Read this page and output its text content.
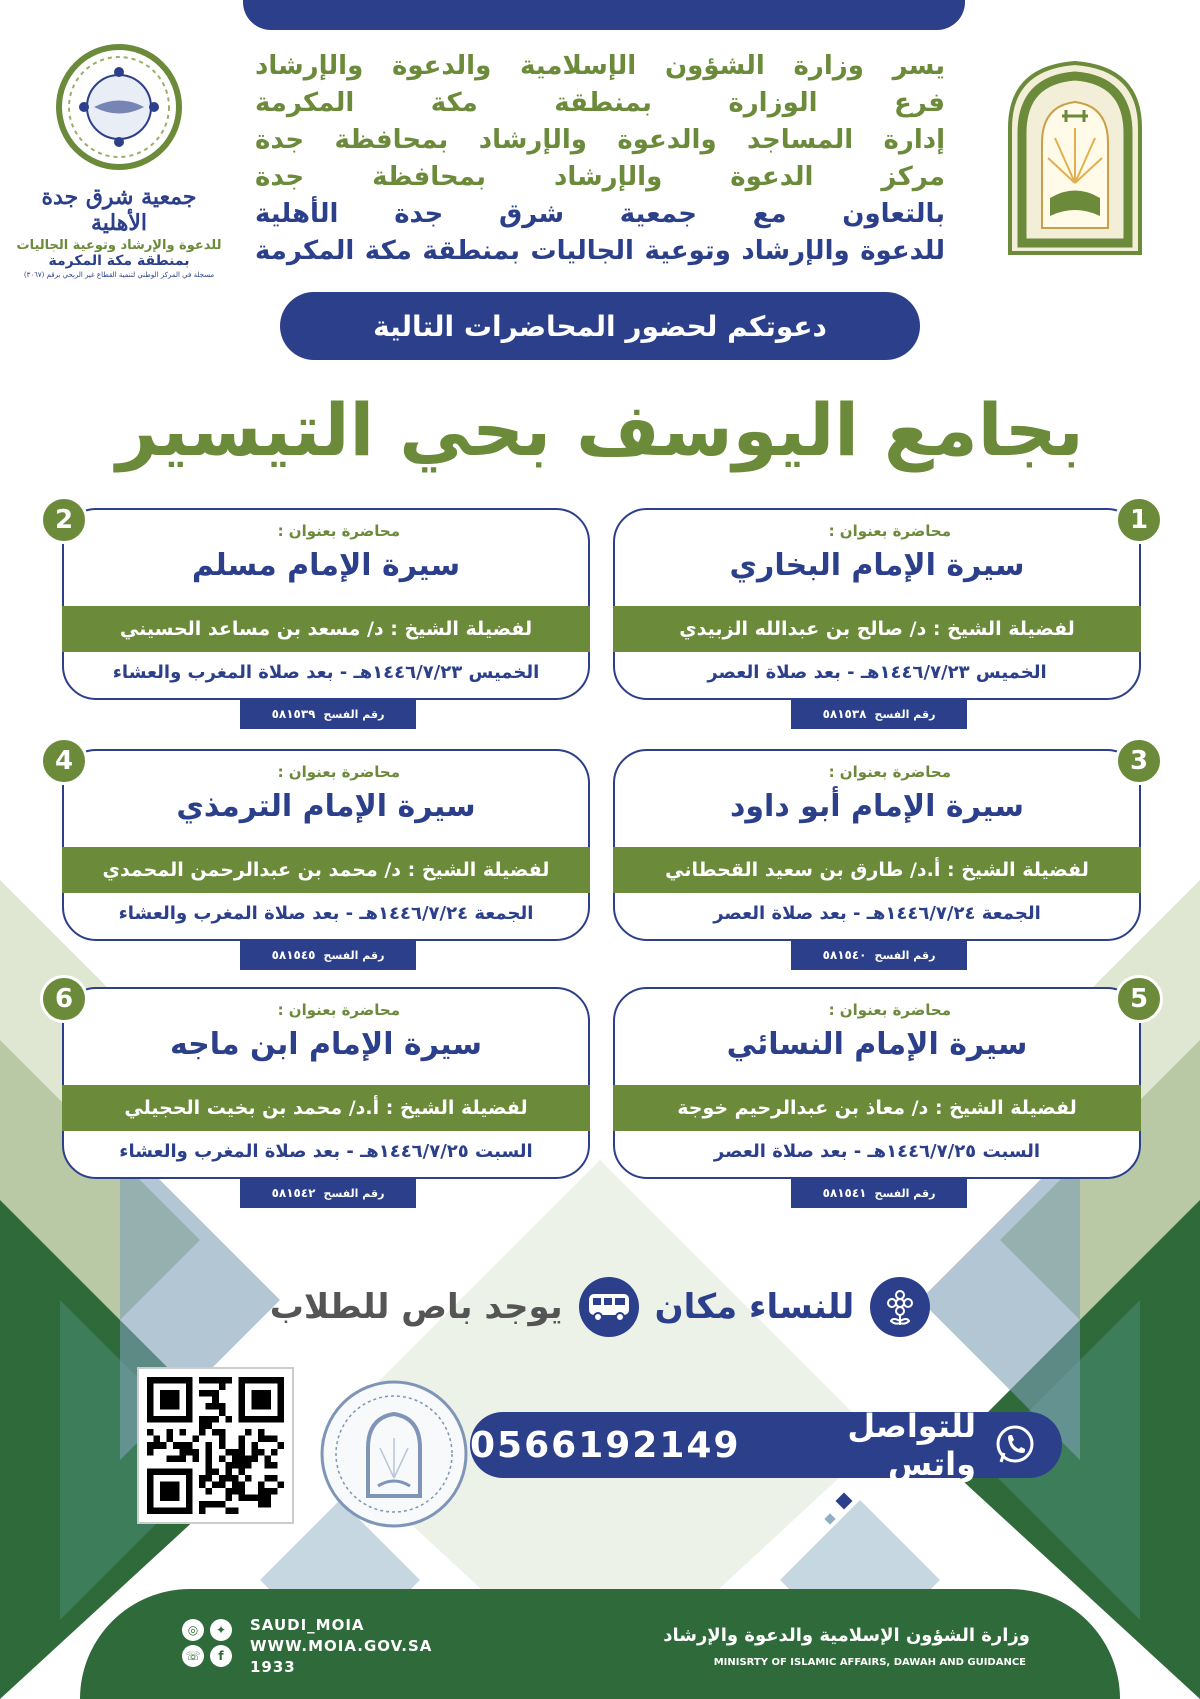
جمعية شرق جدة الأهلية
للدعوة والإرشاد وتوعية الجاليات
بمنطقة مكة المكرمة
مسجلة في المركز الوطني لتنمية القطاع غير الربحي برقم (٣٠٦٧)
يسر وزارة الشؤون الإسلامية والدعوة والإرشاد
فرع الوزارة بمنطقة مكة المكرمة
إدارة المساجد والدعوة والإرشاد بمحافظة جدة
مركز الدعوة والإرشاد بمحافظة جدة
بالتعاون مع جمعية شرق جدة الأهلية
للدعوة والإرشاد وتوعية الجاليات بمنطقة مكة المكرمة
دعوتكم لحضور المحاضرات التالية
بجامع اليوسف بحي التيسير
1
محاضرة بعنوان :
سيرة الإمام البخاري
لفضيلة الشيخ : د/ صالح بن عبدالله الزبيدي
الخميس ١٤٤٦/٧/٢٣هـ - بعد صلاة العصر
رقم الفسح
٥٨١٥٣٨
2	محاضرة بعنوان :
سيرة الإمام مسلم
لفضيلة الشيخ : د/ مسعد بن مساعد الحسيني
الخميس ١٤٤٦/٧/٢٣هـ - بعد صلاة المغرب والعشاء
رقم الفسح
٥٨١٥٣٩
3
محاضرة بعنوان :
سيرة الإمام أبو داود
لفضيلة الشيخ : أ.د/ طارق بن سعيد القحطاني
الجمعة ١٤٤٦/٧/٢٤هـ - بعد صلاة العصر
رقم الفسح
٥٨١٥٤٠
4	محاضرة بعنوان :
سيرة الإمام الترمذي
لفضيلة الشيخ : د/ محمد بن عبدالرحمن المحمدي
الجمعة ١٤٤٦/٧/٢٤هـ - بعد صلاة المغرب والعشاء
رقم الفسح
٥٨١٥٤٥
5
محاضرة بعنوان :
سيرة الإمام النسائي
لفضيلة الشيخ : د/ معاذ بن عبدالرحيم خوجة
السبت ١٤٤٦/٧/٢٥هـ - بعد صلاة العصر
رقم الفسح
٥٨١٥٤١
6	محاضرة بعنوان :
سيرة الإمام ابن ماجه
لفضيلة الشيخ : أ.د/ محمد بن بخيت الحجيلي
السبت ١٤٤٦/٧/٢٥هـ - بعد صلاة المغرب والعشاء
رقم الفسح
٥٨١٥٤٢
للنساء مكان
يوجد باص للطلاب
0566192149	للتواصل واتس
وزارة الشؤون الإسلامية والدعوة والإرشاد
MINISRTY OF ISLAMIC AFFAIRS, DAWAH AND GUIDANCE
◎	✦
☏	f
SAUDI_MOIA
WWW.MOIA.GOV.SA
1933
